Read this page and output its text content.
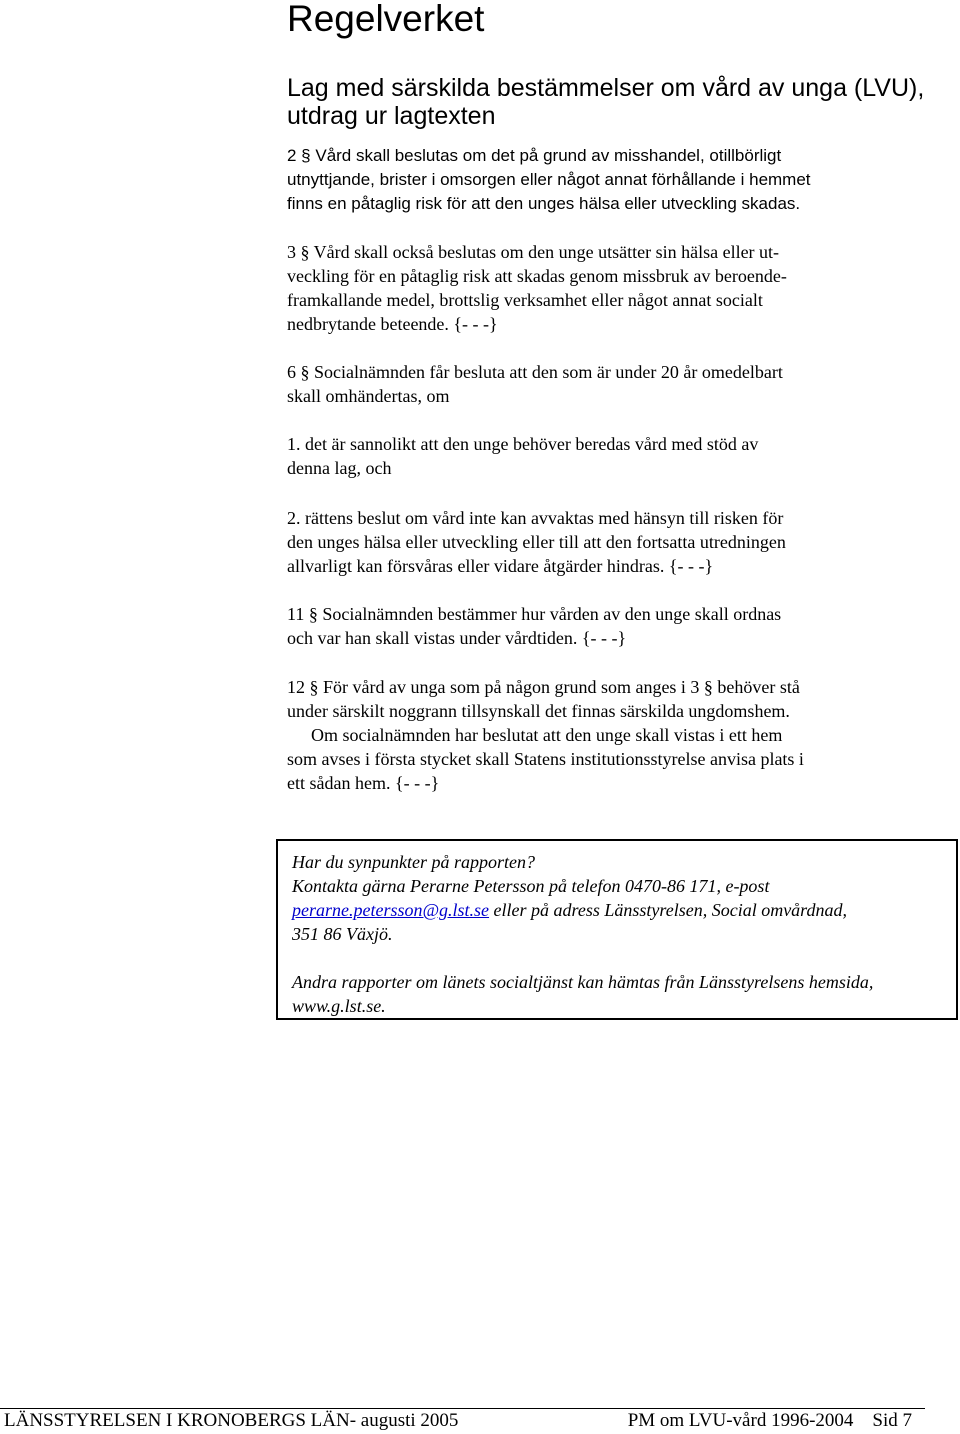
Regelverket
Lag med särskilda bestämmelser om vård av unga (LVU), utdrag ur lagtexten

2 § Vård skall beslutas om det på grund av misshandel, otillbörligt
utnyttjande, brister i omsorgen eller något annat förhållande i hemmet
finns en påtaglig risk för att den unges hälsa eller utveckling skadas.

3 § Vård skall också beslutas om den unge utsätter sin hälsa eller ut-
veckling för en påtaglig risk att skadas genom missbruk av beroende-
framkallande medel, brottslig verksamhet eller något annat socialt
nedbrytande beteende. {- - -}

6 § Socialnämnden får besluta att den som är under 20 år omedelbart
skall omhändertas, om

1. det är sannolikt att den unge behöver beredas vård med stöd av
denna lag, och

2. rättens beslut om vård inte kan avvaktas med hänsyn till risken för
den unges hälsa eller utveckling eller till att den fortsatta utredningen
allvarligt kan försvåras eller vidare åtgärder hindras. {- - -}

11 § Socialnämnden bestämmer hur vården av den unge skall ordnas
och var han skall vistas under vårdtiden. {- - -}

12 § För vård av unga som på någon grund som anges i 3 § behöver stå
under särskilt noggrann tillsynskall det finnas särskilda ungdomshem.

Om socialnämnden har beslutat att den unge skall vistas i ett hem
som avses i första stycket skall Statens institutionsstyrelse anvisa plats i
ett sådan hem. {- - -}

Har du synpunkter på rapporten?

Kontakta gärna Perarne Petersson på telefon 0470-86 171, e-post
perarne.petersson@g.lst.se eller på adress Länsstyrelsen, Social omvårdnad,
351 86 Växjö.

Andra rapporter om länets socialtjänst kan hämtas från Länsstyrelsens hemsida,
www.g.lst.se.

LÄNSSTYRELSEN I KRONOBERGS LÄN- augusti 2005	PM om LVU-vård 1996-2004    Sid 7
